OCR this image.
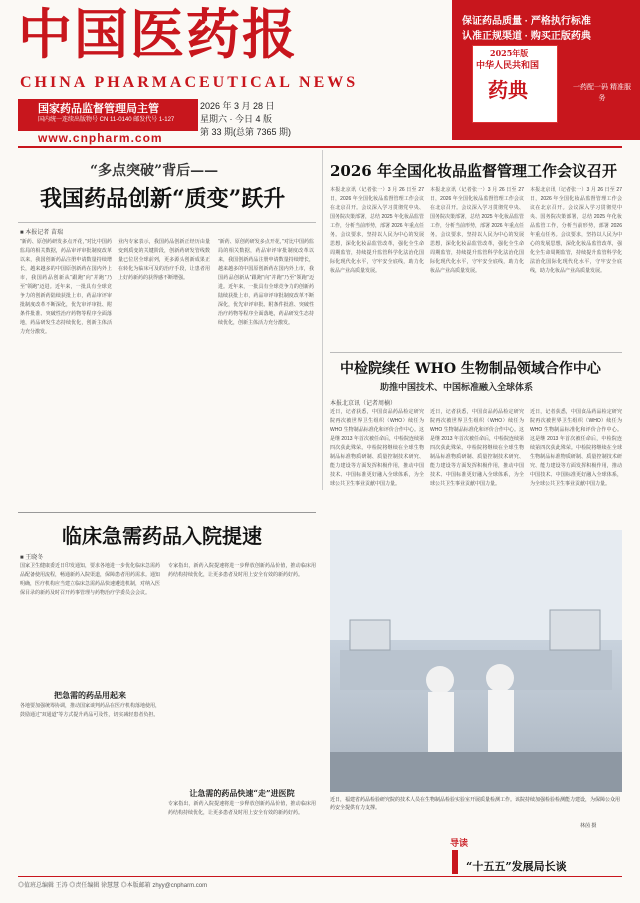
中国医药报
CHINA PHARMACEUTICAL NEWS
国家药品监督管理局主管
国内统一连续出版物号 CN 11-0140 邮发代号 1-127
www.cnpharm.com
2026 年 3 月 28 日
星期六 · 今日 4 版
第 33 期(总第 7365 期)
保证药品质量 · 严格执行标准
认准正规渠道 · 购买正版药典
2025年版
中华人民共和国
药典	一药配一码 精准服务
“多点突破”背后——
我国药品创新“质变”跃升
■ 本报记者 苗瑞
“新药、原创药研发多点开花，”对比中国药监局的相关数据，药品审评审批制度改革以来，我国创新药品注册申请数量持续增长，越来越多的中国原创新药在国内外上市，我国药品创新从“跟跑”向“并跑”乃至“领跑”迈进。近年来，一批具有全球竞争力的创新药陆续获批上市，药品审评审批制度改革不断深化，优先审评审批、附条件批准、突破性治疗药物等程序全面落地，药品研发生态持续优化，创新主体活力充分激发。
业内专家表示，我国药品创新正经历由量变到质变的关键阶段，创新药研发管线数量已位居全球前列，更多源头创新成果正在转化为临床可及的治疗手段，让患者用上好药新药的获得感不断增强。
“新药、原创药研发多点开花，”对比中国药监局的相关数据，药品审评审批制度改革以来，我国创新药品注册申请数量持续增长，越来越多的中国原创新药在国内外上市，我国药品创新从“跟跑”向“并跑”乃至“领跑”迈进。近年来，一批具有全球竞争力的创新药陆续获批上市，药品审评审批制度改革不断深化，优先审评审批、附条件批准、突破性治疗药物等程序全面落地，药品研发生态持续优化，创新主体活力充分激发。
2026 年全国化妆品监督管理工作会议召开
本报北京讯（记者张一）3 月 26 日至 27 日，2026 年全国化妆品监督管理工作会议在北京召开。会议深入学习贯彻党中央、国务院决策部署，总结 2025 年化妆品监管工作，分析当前形势，部署 2026 年重点任务。会议要求，坚持以人民为中心的发展思想，深化化妆品监管改革，强化全生命周期监管，持续提升监管科学化法治化国际化现代化水平，守牢安全底线，助力化妆品产业高质量发展。
本报北京讯（记者张一）3 月 26 日至 27 日，2026 年全国化妆品监督管理工作会议在北京召开。会议深入学习贯彻党中央、国务院决策部署，总结 2025 年化妆品监管工作，分析当前形势，部署 2026 年重点任务。会议要求，坚持以人民为中心的发展思想，深化化妆品监管改革，强化全生命周期监管，持续提升监管科学化法治化国际化现代化水平，守牢安全底线，助力化妆品产业高质量发展。
本报北京讯（记者张一）3 月 26 日至 27 日，2026 年全国化妆品监督管理工作会议在北京召开。会议深入学习贯彻党中央、国务院决策部署，总结 2025 年化妆品监管工作，分析当前形势，部署 2026 年重点任务。会议要求，坚持以人民为中心的发展思想，深化化妆品监管改革，强化全生命周期监管，持续提升监管科学化法治化国际化现代化水平，守牢安全底线，助力化妆品产业高质量发展。
中检院续任 WHO 生物制品领域合作中心
助推中国技术、中国标准融入全球体系
本报北京讯（记者周楠）
近日，记者获悉，中国食品药品检定研究院再次被世界卫生组织（WHO）续任为 WHO 生物制品标准化和评价合作中心。这是继 2013 年首次被任命后，中检院连续第四次获此殊荣。中检院将继续在全球生物制品标准物质研制、质量控制技术研究、能力建设等方面发挥积极作用，推动中国技术、中国标准更好融入全球体系，为全球公共卫生事业贡献中国力量。
近日，记者获悉，中国食品药品检定研究院再次被世界卫生组织（WHO）续任为 WHO 生物制品标准化和评价合作中心。这是继 2013 年首次被任命后，中检院连续第四次获此殊荣。中检院将继续在全球生物制品标准物质研制、质量控制技术研究、能力建设等方面发挥积极作用，推动中国技术、中国标准更好融入全球体系，为全球公共卫生事业贡献中国力量。
近日，记者获悉，中国食品药品检定研究院再次被世界卫生组织（WHO）续任为 WHO 生物制品标准化和评价合作中心。这是继 2013 年首次被任命后，中检院连续第四次获此殊荣。中检院将继续在全球生物制品标准物质研制、质量控制技术研究、能力建设等方面发挥积极作用，推动中国技术、中国标准更好融入全球体系，为全球公共卫生事业贡献中国力量。
临床急需药品入院提速
■ 王晓冬
国家卫生健康委近日印发通知，要求各地进一步优化临床急需药品配备使用流程，畅通新药入院渠道，保障患者用药需求。通知明确，医疗机构应当建立临床急需药品快速遴选机制，对纳入医保目录的新药及时召开药事管理与药物治疗学委员会会议。
把急需的药品用起来
各地要加强统筹协调，推动国家谈判药品在医疗机构落地使用，鼓励通过“双通道”等方式提升药品可及性，切实减轻患者负担。
专家指出，新药入院提速将进一步释放创新药品价值，推动临床用药结构持续优化，让更多患者及时用上安全有效的新药好药。
让急需的药品快速“走”进医院
专家指出，新药入院提速将进一步释放创新药品价值，推动临床用药结构持续优化，让更多患者及时用上安全有效的新药好药。
近日，福建省药品检验研究院的技术人员在生物制品检验实验室开展质量检测工作。该院持续加强检验检测能力建设，为保障公众用药安全提供有力支撑。
林茵 摄
导读
“十五五”发展局长谈
◎值班总编辑 王涛 ◎责任编辑 徐慧慧 ◎本版邮箱 zhyy@cnpharm.com
